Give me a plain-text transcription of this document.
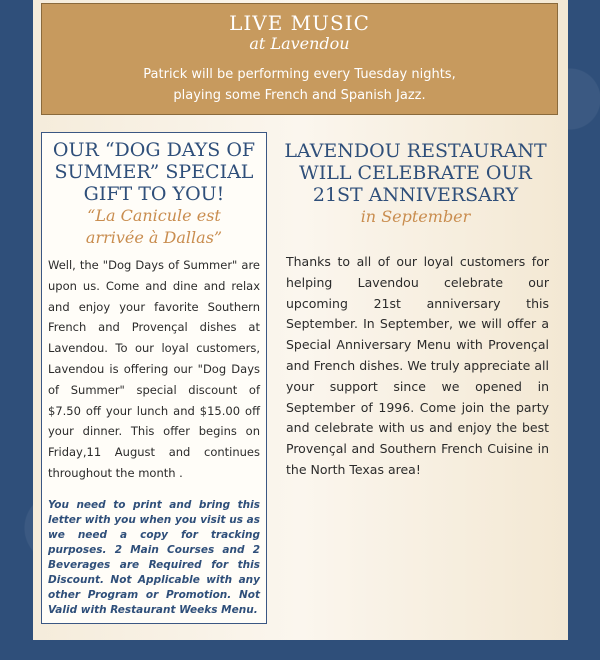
LIVE MUSIC
at Lavendou
Patrick will be performing every Tuesday nights, playing some French and Spanish Jazz.
OUR “DOG DAYS OF SUMMER” SPECIAL GIFT TO YOU!
“La Canicule est arrivée à Dallas”
Well, the "Dog Days of Summer" are upon us. Come and dine and relax and enjoy your favorite Southern French and Provençal dishes at Lavendou. To our loyal customers, Lavendou is offering our "Dog Days of Summer" special discount of $7.50 off your lunch and $15.00 off your dinner. This offer begins on Friday,11 August and continues throughout the month .
You need to print and bring this letter with you when you visit us as we need a copy for tracking purposes. 2 Main Courses and 2 Beverages are Required for this Discount. Not Applicable with any other Program or Promotion. Not Valid with Restaurant Weeks Menu.
LAVENDOU RESTAURANT WILL CELEBRATE OUR 21ST ANNIVERSARY
in September
Thanks to all of our loyal customers for helping Lavendou celebrate our upcoming 21st anniversary this September. In September, we will offer a Special Anniversary Menu with Provençal and French dishes. We truly appreciate all your support since we opened in September of 1996. Come join the party and celebrate with us and enjoy the best Provençal and Southern French Cuisine in the North Texas area!
